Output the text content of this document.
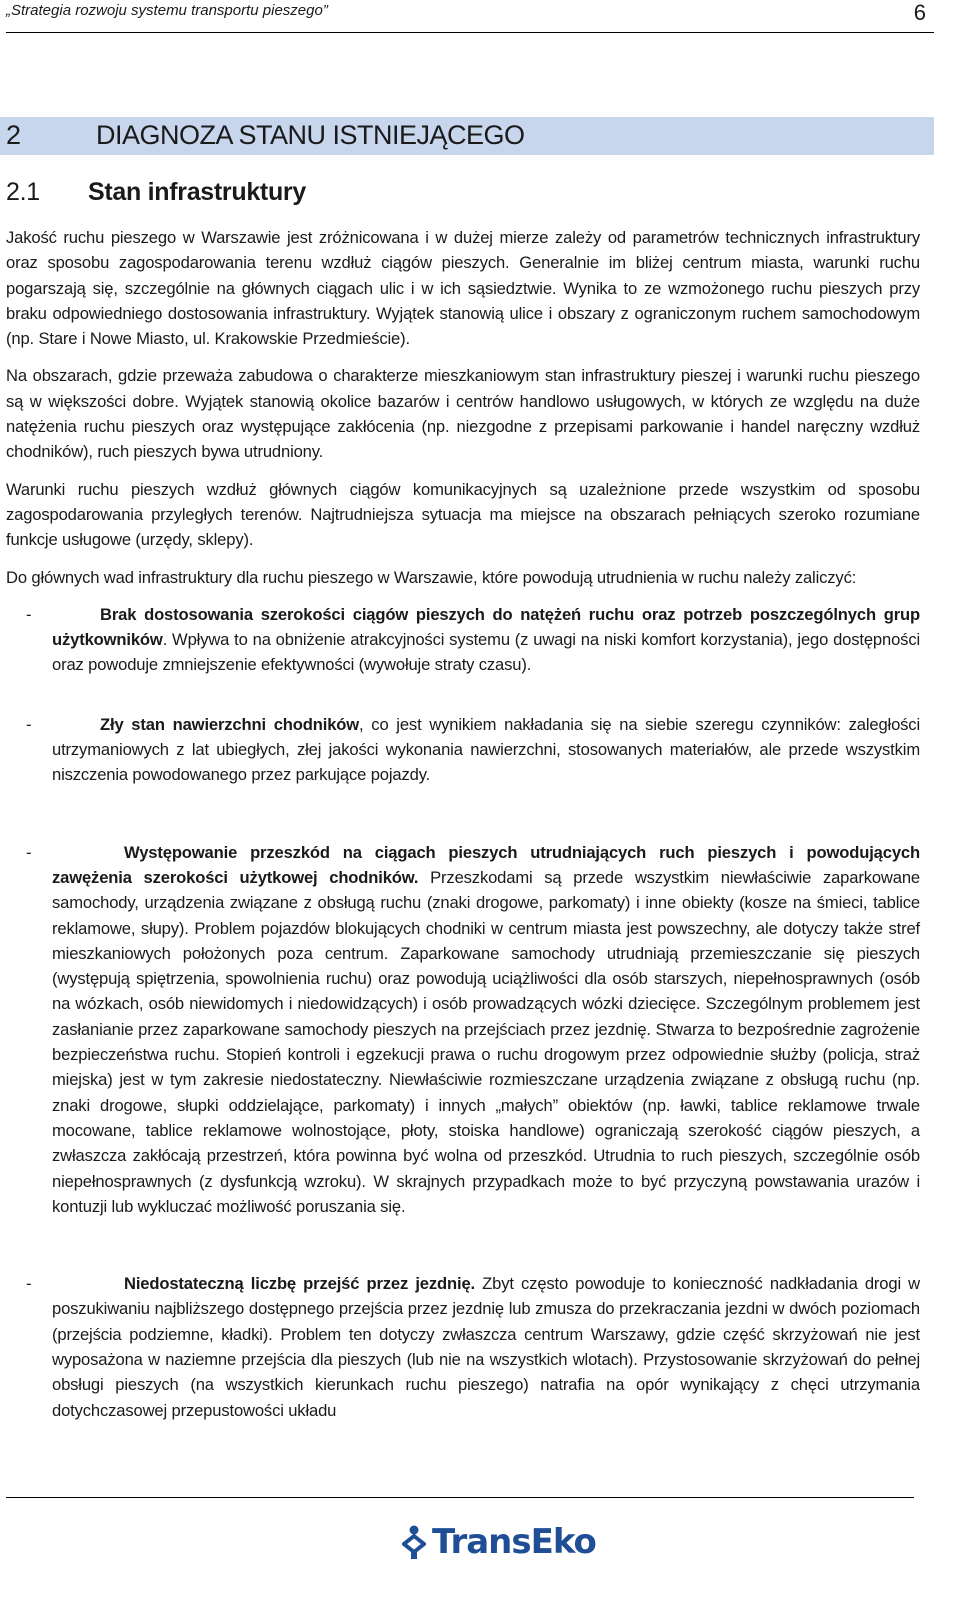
„Strategia rozwoju systemu transportu pieszego”	6
2	DIAGNOZA STANU ISTNIEJĄCEGO
2.1 Stan infrastruktury

Jakość ruchu pieszego w Warszawie jest zróżnicowana i w dużej mierze zależy od parametrów technicznych infrastruktury oraz sposobu zagospodarowania terenu wzdłuż ciągów pieszych. Generalnie im bliżej centrum miasta, warunki ruchu pogarszają się, szczególnie na głównych ciągach ulic i w ich sąsiedztwie. Wynika to ze wzmożonego ruchu pieszych przy braku odpowiedniego dostosowania infrastruktury. Wyjątek stanowią ulice i obszary z ograniczonym ruchem samochodowym (np. Stare i Nowe Miasto, ul. Krakowskie Przedmieście).

Na obszarach, gdzie przeważa zabudowa o charakterze mieszkaniowym stan infrastruktury pieszej i warunki ruchu pieszego są w większości dobre. Wyjątek stanowią okolice bazarów i centrów handlowo usługowych, w których ze względu na duże natężenia ruchu pieszych oraz występujące zakłócenia (np. niezgodne z przepisami parkowanie i handel naręczny wzdłuż chodników), ruch pieszych bywa utrudniony.

Warunki ruchu pieszych wzdłuż głównych ciągów komunikacyjnych są uzależnione przede wszystkim od sposobu zagospodarowania przyległych terenów. Najtrudniejsza sytuacja ma miejsce na obszarach pełniących szeroko rozumiane funkcje usługowe (urzędy, sklepy).

Do głównych wad infrastruktury dla ruchu pieszego w Warszawie, które powodują utrudnienia w ruchu należy zaliczyć:

-	Brak dostosowania szerokości ciągów pieszych do natężeń ruchu oraz potrzeb poszczególnych grup użytkowników. Wpływa to na obniżenie atrakcyjności systemu (z uwagi na niski komfort korzystania), jego dostępności oraz powoduje zmniejszenie efektywności (wywołuje straty czasu).
-	Zły stan nawierzchni chodników, co jest wynikiem nakładania się na siebie szeregu czynników: zaległości utrzymaniowych z lat ubiegłych, złej jakości wykonania nawierzchni, stosowanych materiałów, ale przede wszystkim niszczenia powodowanego przez parkujące pojazdy.
-	Występowanie przeszkód na ciągach pieszych utrudniających ruch pieszych i powodujących zawężenia szerokości użytkowej chodników. Przeszkodami są przede wszystkim niewłaściwie zaparkowane samochody, urządzenia związane z obsługą ruchu (znaki drogowe, parkomaty) i inne obiekty (kosze na śmieci, tablice reklamowe, słupy). Problem pojazdów blokujących chodniki w centrum miasta jest powszechny, ale dotyczy także stref mieszkaniowych położonych poza centrum. Zaparkowane samochody utrudniają przemieszczanie się pieszych (występują spiętrzenia, spowolnienia ruchu) oraz powodują uciążliwości dla osób starszych, niepełnosprawnych (osób na wózkach, osób niewidomych i niedowidzących) i osób prowadzących wózki dziecięce. Szczególnym problemem jest zasłanianie przez zaparkowane samochody pieszych na przejściach przez jezdnię. Stwarza to bezpośrednie zagrożenie bezpieczeństwa ruchu. Stopień kontroli i egzekucji prawa o ruchu drogowym przez odpowiednie służby (policja, straż miejska) jest w tym zakresie niedostateczny. Niewłaściwie rozmieszczane urządzenia związane z obsługą ruchu (np. znaki drogowe, słupki oddzielające, parkomaty) i innych „małych” obiektów (np. ławki, tablice reklamowe trwale mocowane, tablice reklamowe wolnostojące, płoty, stoiska handlowe) ograniczają szerokość ciągów pieszych, a zwłaszcza zakłócają przestrzeń, która powinna być wolna od przeszkód. Utrudnia to ruch pieszych, szczególnie osób niepełnosprawnych (z dysfunkcją wzroku). W skrajnych przypadkach może to być przyczyną powstawania urazów i kontuzji lub wykluczać możliwość poruszania się.
-	Niedostateczną liczbę przejść przez jezdnię. Zbyt często powoduje to konieczność nadkładania drogi w poszukiwaniu najbliższego dostępnego przejścia przez jezdnię lub zmusza do przekraczania jezdni w dwóch poziomach (przejścia podziemne, kładki). Problem ten dotyczy zwłaszcza centrum Warszawy, gdzie część skrzyżowań nie jest wyposażona w naziemne przejścia dla pieszych (lub nie na wszystkich wlotach). Przystosowanie skrzyżowań do pełnej obsługi pieszych (na wszystkich kierunkach ruchu pieszego) natrafia na opór wynikający z chęci utrzymania dotychczasowej przepustowości układu
TransEko
